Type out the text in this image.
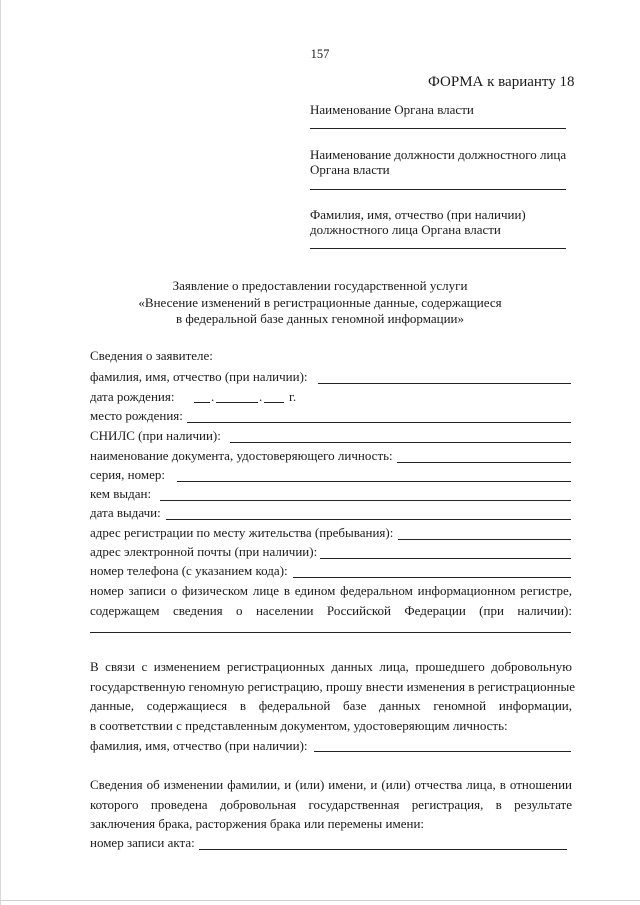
157
ФОРМА к варианту 18
Наименование Органа власти
Наименование должности должностного лица
Органа власти
Фамилия, имя, отчество (при наличии)
должностного лица Органа власти
Заявление о предоставлении государственной услуги
«Внесение изменений в регистрационные данные, содержащиеся
в федеральной базе данных геномной информации»
Сведения о заявителе:
фамилия, имя, отчество (при наличии):
дата рождения:	.	. г.
место рождения:
СНИЛС (при наличии):
наименование документа, удостоверяющего личность:
серия, номер:
кем выдан:
дата выдачи:
адрес регистрации по месту жительства (пребывания):
адрес электронной почты (при наличии):
номер телефона (с указанием кода):
номер записи о физическом лице в едином федеральном информационном регистре,
содержащем сведения о населении Российской Федерации (при наличии):
В связи с изменением регистрационных данных лица, прошедшего добровольную
государственную геномную регистрацию, прошу внести изменения в регистрационные
данные, содержащиеся в федеральной базе данных геномной информации,
в соответствии с представленным документом, удостоверяющим личность:
фамилия, имя, отчество (при наличии):
Сведения об изменении фамилии, и (или) имени, и (или) отчества лица, в отношении
которого проведена добровольная государственная регистрация, в результате
заключения брака, расторжения брака или перемены имени:
номер записи акта:
